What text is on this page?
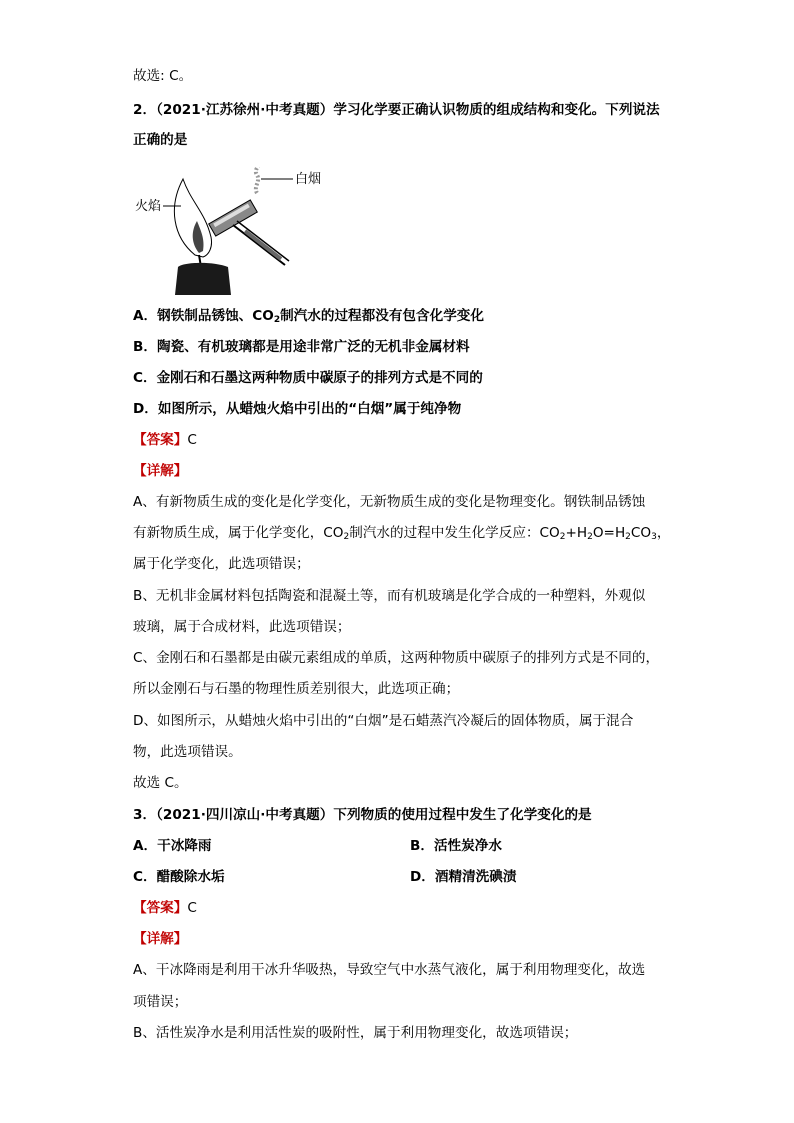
故选: C。
2．（2021·江苏徐州·中考真题）学习化学要正确认识物质的组成结构和变化。下列说法
正确的是
火焰
白烟
A．钢铁制品锈蚀、$CO_2$制汽水的过程都没有包含化学变化
B．陶瓷、有机玻璃都是用途非常广泛的无机非金属材料
C．金刚石和石墨这两种物质中碳原子的排列方式是不同的
D．如图所示，从蜡烛火焰中引出的“白烟”属于纯净物
【答案】C
【详解】
A、有新物质生成的变化是化学变化，无新物质生成的变化是物理变化。钢铁制品锈蚀
有新物质生成，属于化学变化，$CO_2$制汽水的过程中发生化学反应：$CO_2+H_2O=H_2CO_3$，
属于化学变化，此选项错误；
B、无机非金属材料包括陶瓷和混凝土等，而有机玻璃是化学合成的一种塑料，外观似
玻璃，属于合成材料，此选项错误；
C、金刚石和石墨都是由碳元素组成的单质，这两种物质中碳原子的排列方式是不同的，
所以金刚石与石墨的物理性质差别很大，此选项正确；
D、如图所示，从蜡烛火焰中引出的“白烟”是石蜡蒸汽冷凝后的固体物质，属于混合
物，此选项错误。
故选 C。
3．（2021·四川凉山·中考真题）下列物质的使用过程中发生了化学变化的是
A．干冰降雨	B．活性炭净水
C．醋酸除水垢	D．酒精清洗碘渍
【答案】C
【详解】
A、干冰降雨是利用干冰升华吸热，导致空气中水蒸气液化，属于利用物理变化，故选
项错误；
B、活性炭净水是利用活性炭的吸附性，属于利用物理变化，故选项错误；
